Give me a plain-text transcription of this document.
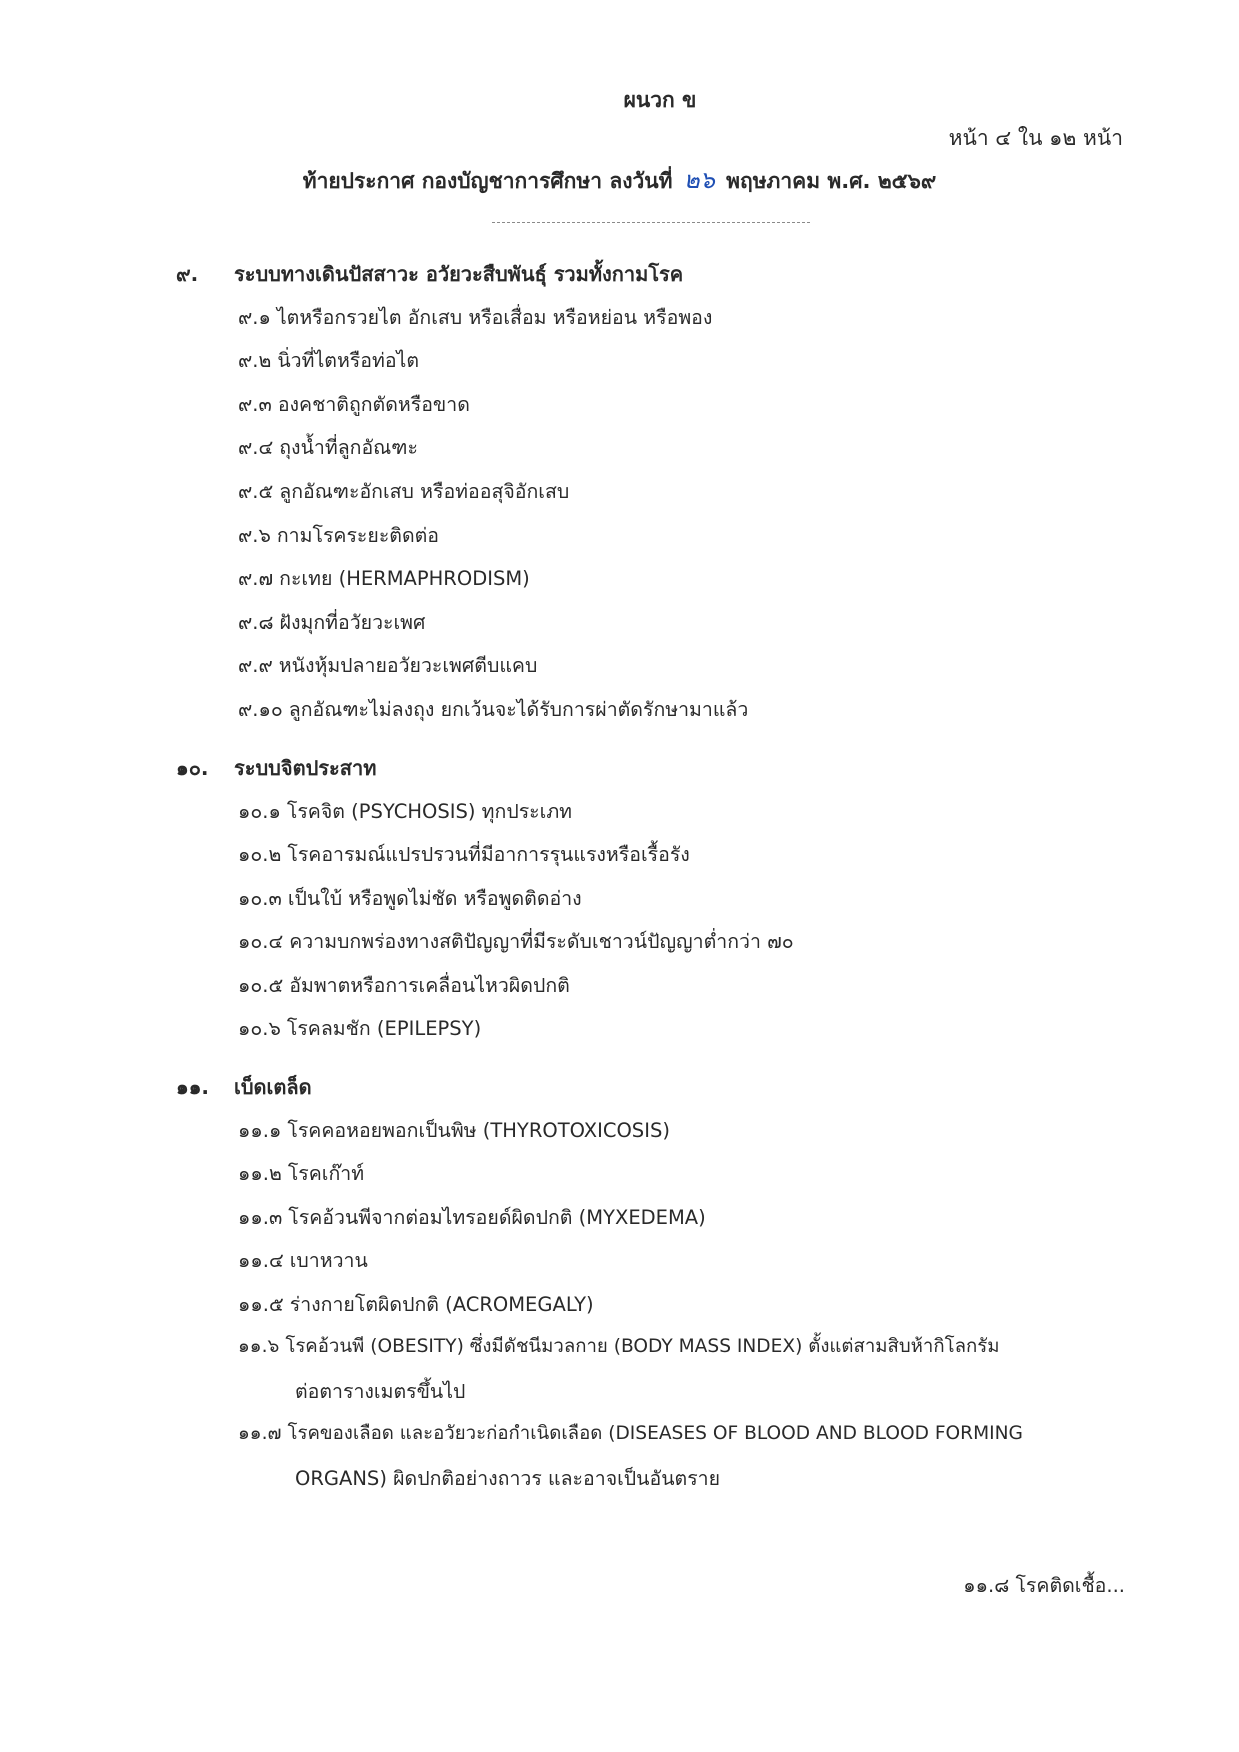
ผนวก ข
หน้า ๔ ใน ๑๒ หน้า
ท้ายประกาศ กองบัญชาการศึกษา ลงวันที่ ๒๖ พฤษภาคม พ.ศ. ๒๕๖๙
๙. ระบบทางเดินปัสสาวะ อวัยวะสืบพันธุ์ รวมทั้งกามโรค
๙.๑ ไตหรือกรวยไต อักเสบ หรือเสื่อม หรือหย่อน หรือพอง
๙.๒ นิ่วที่ไตหรือท่อไต
๙.๓ องคชาติถูกตัดหรือขาด
๙.๔ ถุงน้ำที่ลูกอัณฑะ
๙.๕ ลูกอัณฑะอักเสบ หรือท่ออสุจิอักเสบ
๙.๖ กามโรคระยะติดต่อ
๙.๗ กะเทย (HERMAPHRODISM)
๙.๘ ฝังมุกที่อวัยวะเพศ
๙.๙ หนังหุ้มปลายอวัยวะเพศตีบแคบ
๙.๑๐ ลูกอัณฑะไม่ลงถุง ยกเว้นจะได้รับการผ่าตัดรักษามาแล้ว
๑๐. ระบบจิตประสาท
๑๐.๑ โรคจิต (PSYCHOSIS) ทุกประเภท
๑๐.๒ โรคอารมณ์แปรปรวนที่มีอาการรุนแรงหรือเรื้อรัง
๑๐.๓ เป็นใบ้ หรือพูดไม่ชัด หรือพูดติดอ่าง
๑๐.๔ ความบกพร่องทางสติปัญญาที่มีระดับเชาวน์ปัญญาต่ำกว่า ๗๐
๑๐.๕ อัมพาตหรือการเคลื่อนไหวผิดปกติ
๑๐.๖ โรคลมชัก (EPILEPSY)
๑๑. เบ็ดเตล็ด
๑๑.๑ โรคคอหอยพอกเป็นพิษ (THYROTOXICOSIS)
๑๑.๒ โรคเก๊าท์
๑๑.๓ โรคอ้วนพีจากต่อมไทรอยด์ผิดปกติ (MYXEDEMA)
๑๑.๔ เบาหวาน
๑๑.๕ ร่างกายโตผิดปกติ (ACROMEGALY)
๑๑.๖ โรคอ้วนพี (OBESITY) ซึ่งมีดัชนีมวลกาย (BODY MASS INDEX) ตั้งแต่สามสิบห้ากิโลกรัม
ต่อตารางเมตรขึ้นไป
๑๑.๗ โรคของเลือด และอวัยวะก่อกำเนิดเลือด (DISEASES OF BLOOD AND BLOOD FORMING
ORGANS) ผิดปกติอย่างถาวร และอาจเป็นอันตราย
๑๑.๘ โรคติดเชื้อ...
